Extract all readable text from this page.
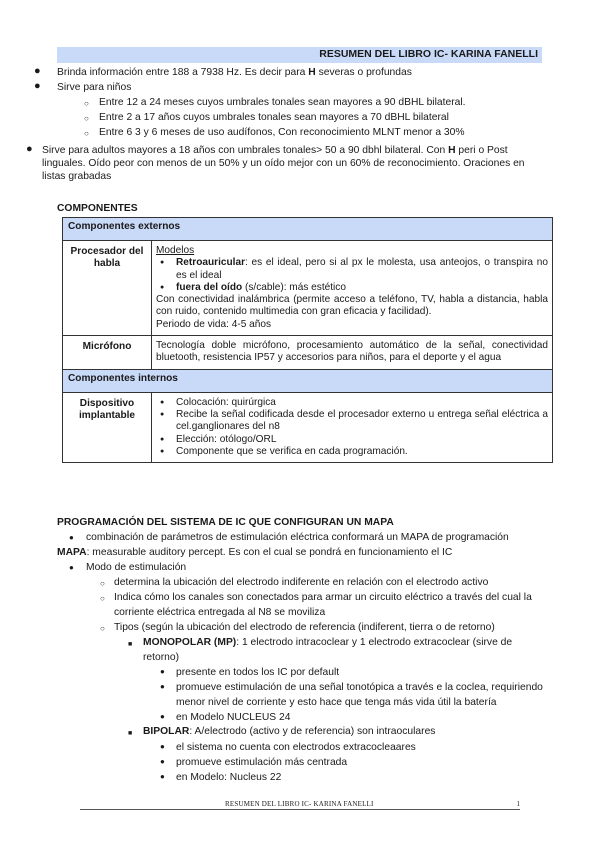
RESUMEN DEL LIBRO IC- KARINA FANELLI
● Brinda información entre 188 a 7938 Hz. Es decir para H severas o profundas
● Sirve para niños
○ Entre 12 a 24 meses cuyos umbrales tonales sean mayores a 90 dBHL bilateral.
○ Entre 2 a 17 años cuyos umbrales tonales sean mayores a 70 dBHL bilateral
○ Entre 6 3 y 6 meses de uso audífonos, Con reconocimiento MLNT menor a 30%
● Sirve para adultos mayores a 18 años con umbrales tonales> 50 a 90 dbhl bilateral. Con H peri o Post
linguales. Oído peor con menos de un 50% y un oído mejor con un 60% de reconocimiento. Oraciones en
listas grabadas
COMPONENTES
Componentes externos	
Procesador del habla	Modelos
● Retroauricular: es el ideal, pero si al px le molesta, usa anteojos, o transpira no es el ideal
● fuera del oído (s/cable): más estético
Con conectividad inalámbrica (permite acceso a teléfono, TV, habla a distancia, habla con ruido, contenido multimedia con gran eficacia y facilidad).
Periodo de vida: 4-5 años

Micrófono	Tecnología doble micrófono, procesamiento automático de la señal, conectividad bluetooth, resistencia IP57 y accesorios para niños, para el deporte y el agua
Componentes internos	
Dispositivo implantable	● Colocación: quirúrgica
● Recibe la señal codificada desde el procesador externo u entrega señal eléctrica a cel.ganglionares del n8
● Elección: otólogo/ORL
● Componente que se verifica en cada programación.
PROGRAMACIÓN DEL SISTEMA DE IC QUE CONFIGURAN UN MAPA
● combinación de parámetros de estimulación eléctrica conformará un MAPA de programación
MAPA: measurable auditory percept. Es con el cual se pondrá en funcionamiento el IC
● Modo de estimulación
○ determina la ubicación del electrodo indiferente en relación con el electrodo activo
○ Indica cómo los canales son conectados para armar un circuito eléctrico a través del cual la
corriente eléctrica entregada al N8 se moviliza
○ Tipos (según la ubicación del electrodo de referencia (indiferent, tierra o de retorno)
■ MONOPOLAR (MP): 1 electrodo intracoclear y 1 electrodo extracoclear (sirve de
retorno)
● presente en todos los IC por default
● promueve estimulación de una señal tonotópica a través e la coclea, requiriendo
menor nivel de corriente y esto hace que tenga más vida útil la batería
● en Modelo NUCLEUS 24
■ BIPOLAR: A/electrodo (activo y de referencia) son intraoculares
● el sistema no cuenta con electrodos extracocleaares
● promueve estimulación más centrada
● en Modelo: Nucleus 22
RESUMEN DEL LIBRO IC- KARINA FANELLI	1
